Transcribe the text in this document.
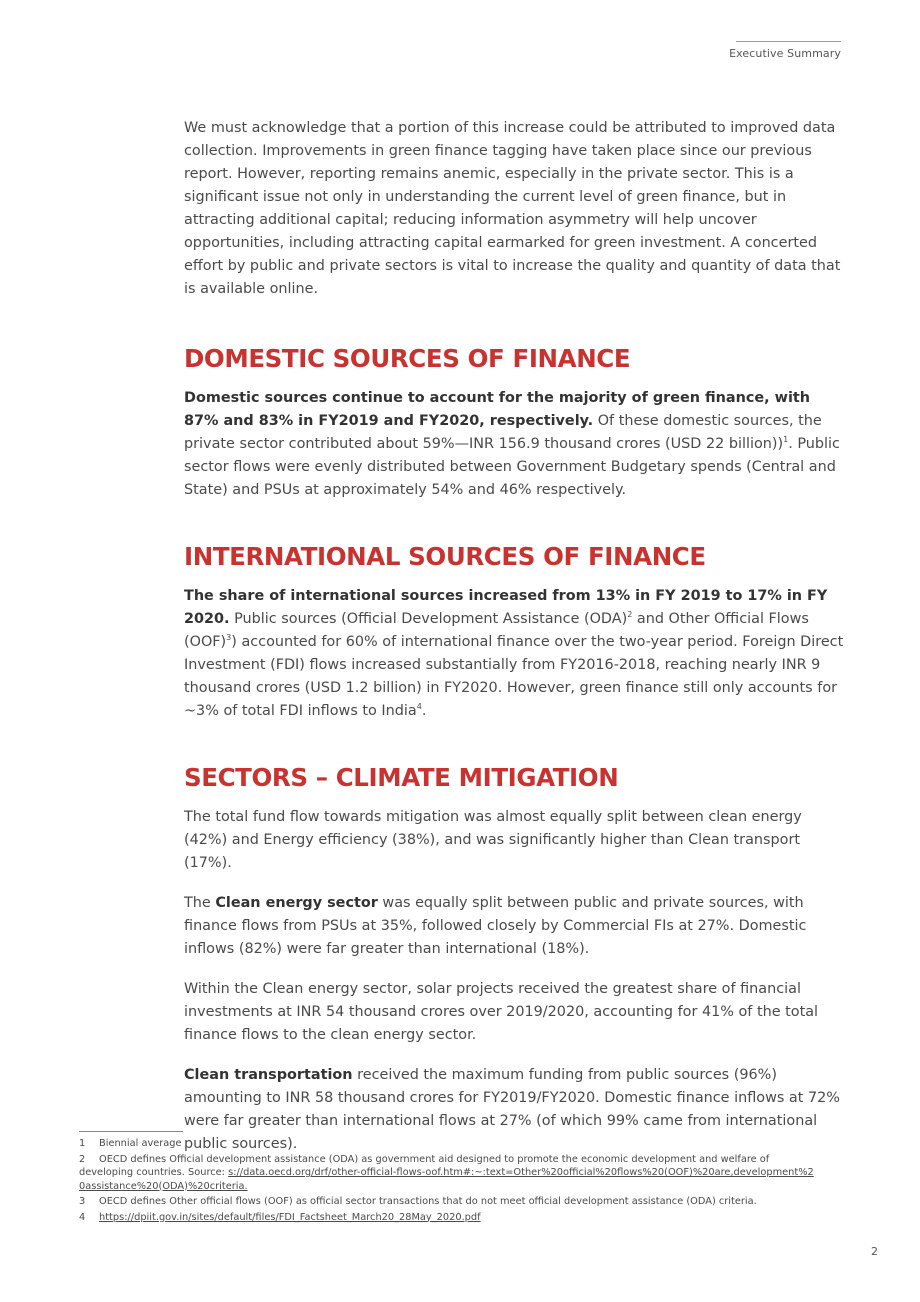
Executive Summary

We must acknowledge that a portion of this increase could be attributed to improved data collection. Improvements in green finance tagging have taken place since our previous report. However, reporting remains anemic, especially in the private sector. This is a significant issue not only in understanding the current level of green finance, but in attracting additional capital; reducing information asymmetry will help uncover opportunities, including attracting capital earmarked for green investment. A concerted effort by public and private sectors is vital to increase the quality and quantity of data that is available online.

DOMESTIC SOURCES OF FINANCE

Domestic sources continue to account for the majority of green finance, with 87% and 83% in FY2019 and FY2020, respectively. Of these domestic sources, the private sector contributed about 59%—INR 156.9 thousand crores (USD 22 billion))$^1$. Public sector flows were evenly distributed between Government Budgetary spends (Central and State) and PSUs at approximately 54% and 46% respectively.

INTERNATIONAL SOURCES OF FINANCE

The share of international sources increased from 13% in FY 2019 to 17% in FY 2020. Public sources (Official Development Assistance (ODA)$^2$ and Other Official Flows (OOF)$^3$) accounted for 60% of international finance over the two-year period. Foreign Direct Investment (FDI) flows increased substantially from FY2016-2018, reaching nearly INR 9 thousand crores (USD 1.2 billion) in FY2020. However, green finance still only accounts for ~3% of total FDI inflows to India$^4$.

SECTORS – CLIMATE MITIGATION

The total fund flow towards mitigation was almost equally split between clean energy (42%) and Energy efficiency (38%), and was significantly higher than Clean transport (17%).

The Clean energy sector was equally split between public and private sources, with finance flows from PSUs at 35%, followed closely by Commercial FIs at 27%. Domestic inflows (82%) were far greater than international (18%).

Within the Clean energy sector, solar projects received the greatest share of financial investments at INR 54 thousand crores over 2019/2020, accounting for 41% of the total finance flows to the clean energy sector.

Clean transportation received the maximum funding from public sources (96%) amounting to INR 58 thousand crores for FY2019/FY2020. Domestic finance inflows at 72% were far greater than international flows at 27% (of which 99% came from international public sources).

1 Biennial average
2 OECD defines Official development assistance (ODA) as government aid designed to promote the economic development and welfare of developing countries. Source: s://data.oecd.org/drf/other-official-flows-oof.htm#:~:text=Other%20official%20flows%20(OOF)%20are,development%20assistance%20(ODA)%20criteria.
3 OECD defines Other official flows (OOF) as official sector transactions that do not meet official development assistance (ODA) criteria.
4 https://dpiit.gov.in/sites/default/files/FDI_Factsheet_March20_28May_2020.pdf
2
